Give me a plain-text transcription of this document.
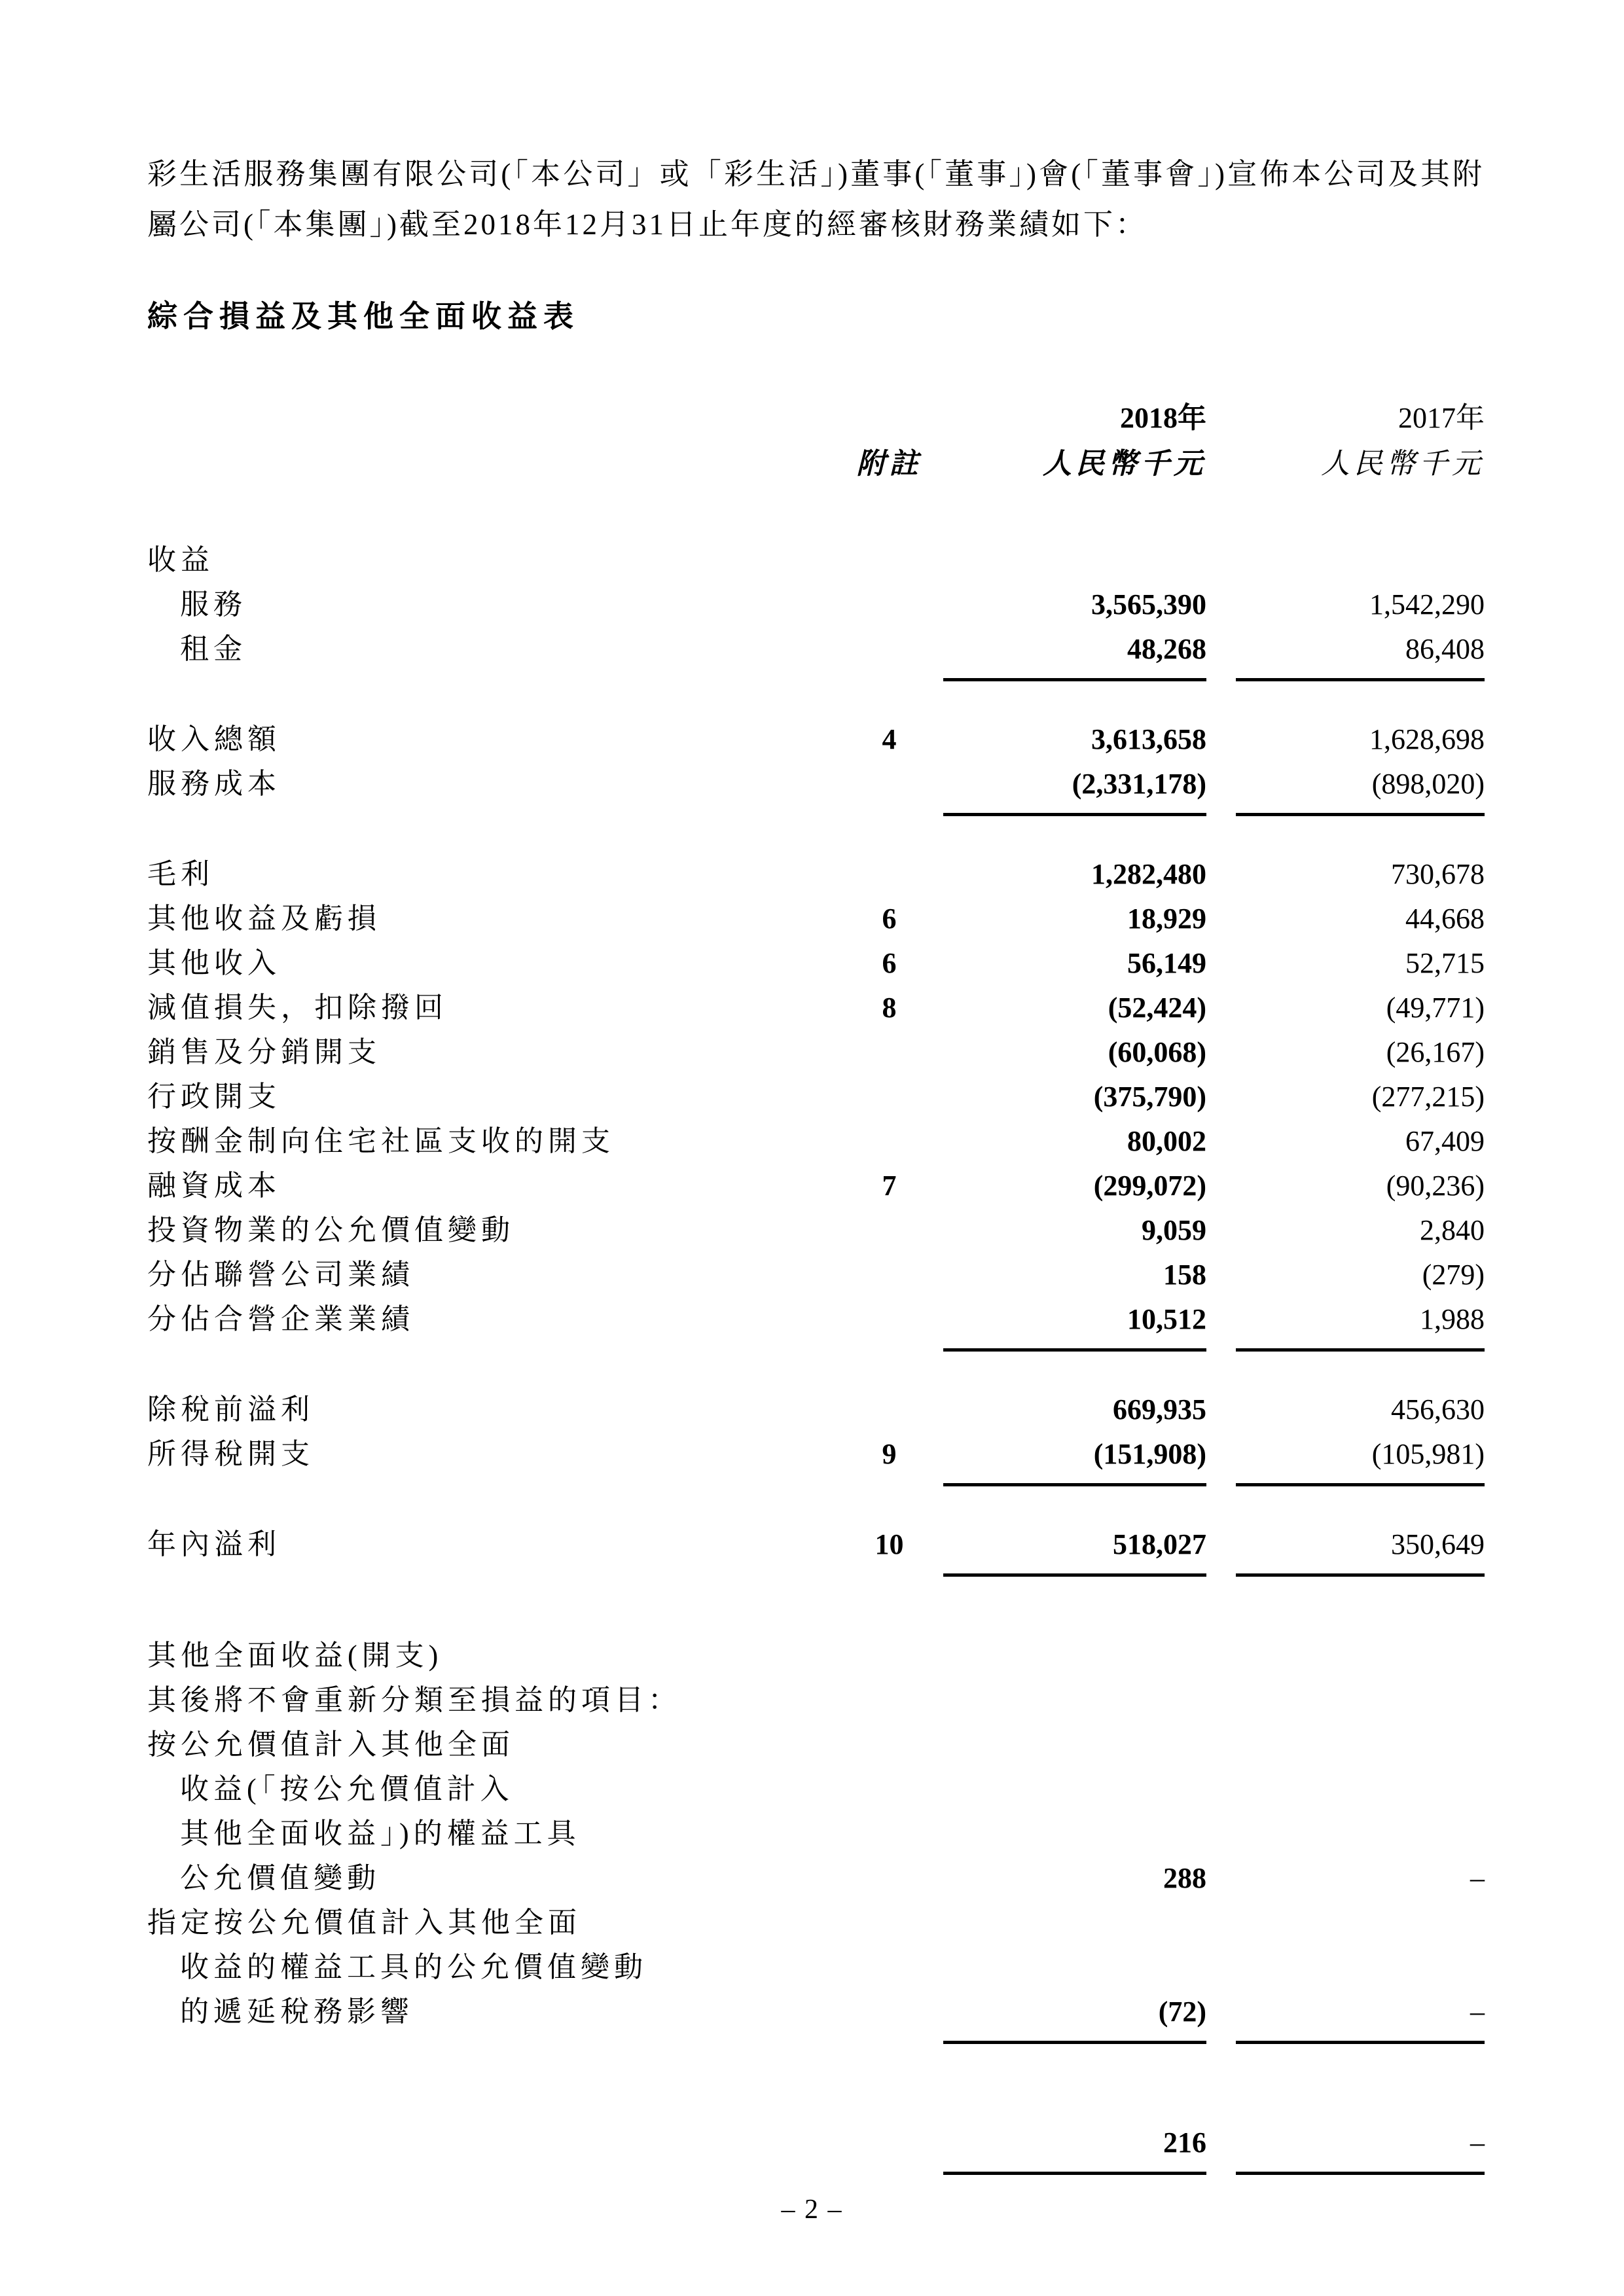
彩生活服務集團有限公司(「本公司」或「彩生活」)董事(「董事」)會(「董事會」)宣佈本公司及其附屬公司(「本集團」)截至2018年12月31日止年度的經審核財務業績如下：

綜合損益及其他全面收益表
2018年	2017年
附註	人民幣千元	人民幣千元
收益
服務	3,565,390	1,542,290
租金	48,268	86,408
收入總額	4	3,613,658	1,628,698
服務成本	(2,331,178)	(898,020)
毛利	1,282,480	730,678
其他收益及虧損	6	18,929	44,668
其他收入	6	56,149	52,715
減值損失，扣除撥回	8	(52,424)	(49,771)
銷售及分銷開支	(60,068)	(26,167)
行政開支	(375,790)	(277,215)
按酬金制向住宅社區支收的開支	80,002	67,409
融資成本	7	(299,072)	(90,236)
投資物業的公允價值變動	9,059	2,840
分佔聯營公司業績	158	(279)
分佔合營企業業績	10,512	1,988
除稅前溢利	669,935	456,630
所得稅開支	9	(151,908)	(105,981)
年內溢利	10	518,027	350,649
其他全面收益(開支)
其後將不會重新分類至損益的項目：
按公允價值計入其他全面
收益(「按公允價值計入
其他全面收益」)的權益工具
公允價值變動	288	–
指定按公允價值計入其他全面
收益的權益工具的公允價值變動
的遞延稅務影響	(72)	–
216	–
– 2 –
